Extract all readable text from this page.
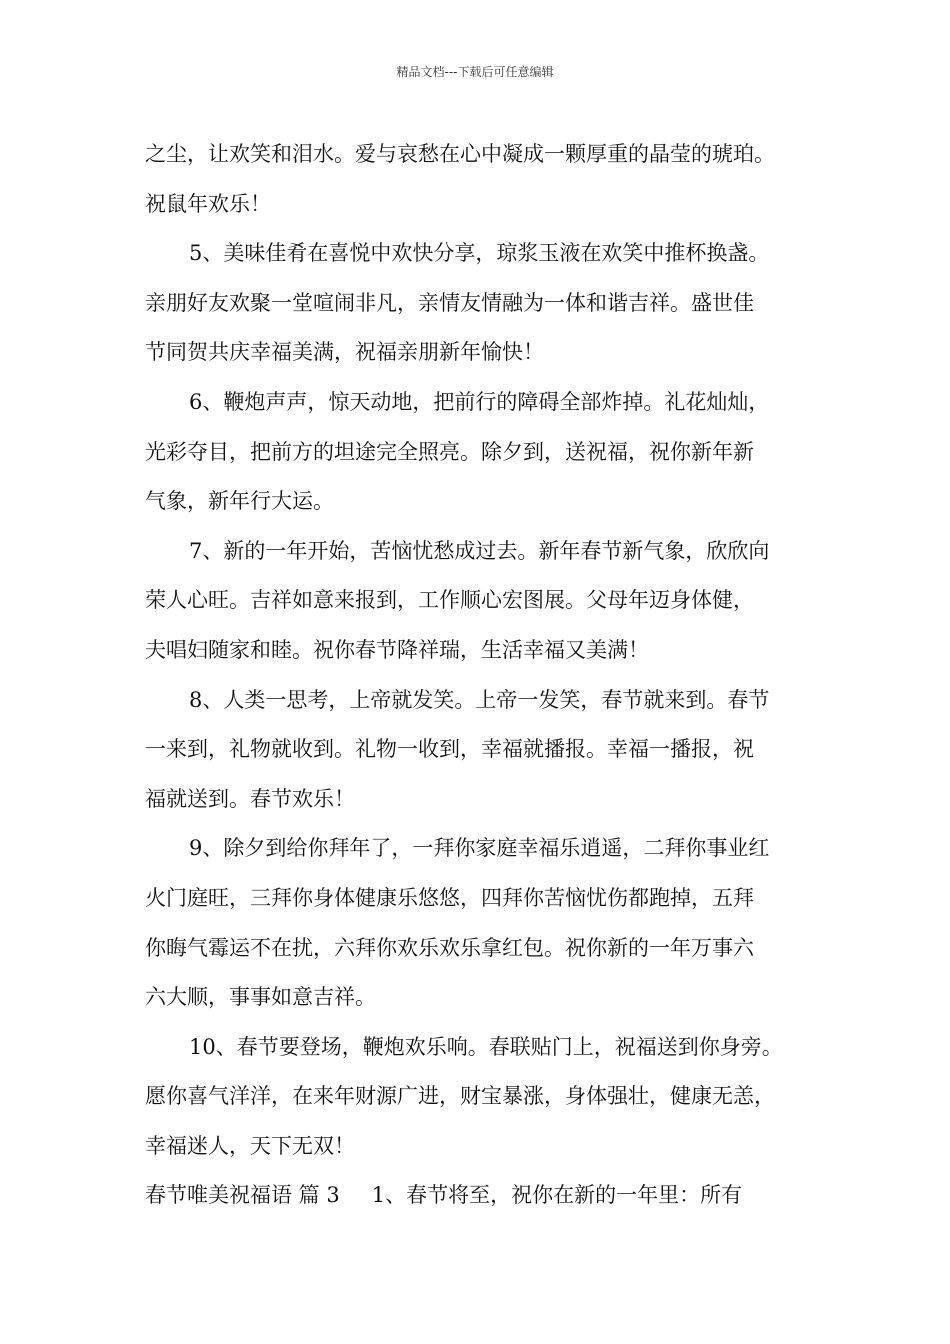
精品文档---下载后可任意编辑
之尘，让欢笑和泪水。爱与哀愁在心中凝成一颗厚重的晶莹的琥珀。
祝鼠年欢乐！
5、美味佳肴在喜悦中欢快分享，琼浆玉液在欢笑中推杯换盏。
亲朋好友欢聚一堂喧闹非凡，亲情友情融为一体和谐吉祥。盛世佳
节同贺共庆幸福美满，祝福亲朋新年愉快！
6、鞭炮声声，惊天动地，把前行的障碍全部炸掉。礼花灿灿，
光彩夺目，把前方的坦途完全照亮。除夕到，送祝福，祝你新年新
气象，新年行大运。
7、新的一年开始，苦恼忧愁成过去。新年春节新气象，欣欣向
荣人心旺。吉祥如意来报到，工作顺心宏图展。父母年迈身体健，
夫唱妇随家和睦。祝你春节降祥瑞，生活幸福又美满！
8、人类一思考，上帝就发笑。上帝一发笑，春节就来到。春节
一来到，礼物就收到。礼物一收到，幸福就播报。幸福一播报，祝
福就送到。春节欢乐！
9、除夕到给你拜年了，一拜你家庭幸福乐逍遥，二拜你事业红
火门庭旺，三拜你身体健康乐悠悠，四拜你苦恼忧伤都跑掉，五拜
你晦气霉运不在扰，六拜你欢乐欢乐拿红包。祝你新的一年万事六
六大顺，事事如意吉祥。
10、春节要登场，鞭炮欢乐响。春联贴门上，祝福送到你身旁。
愿你喜气洋洋，在来年财源广进，财宝暴涨，身体强壮，健康无恙，
幸福迷人，天下无双！
春节唯美祝福语 篇 3 1、春节将至，祝你在新的一年里：所有
